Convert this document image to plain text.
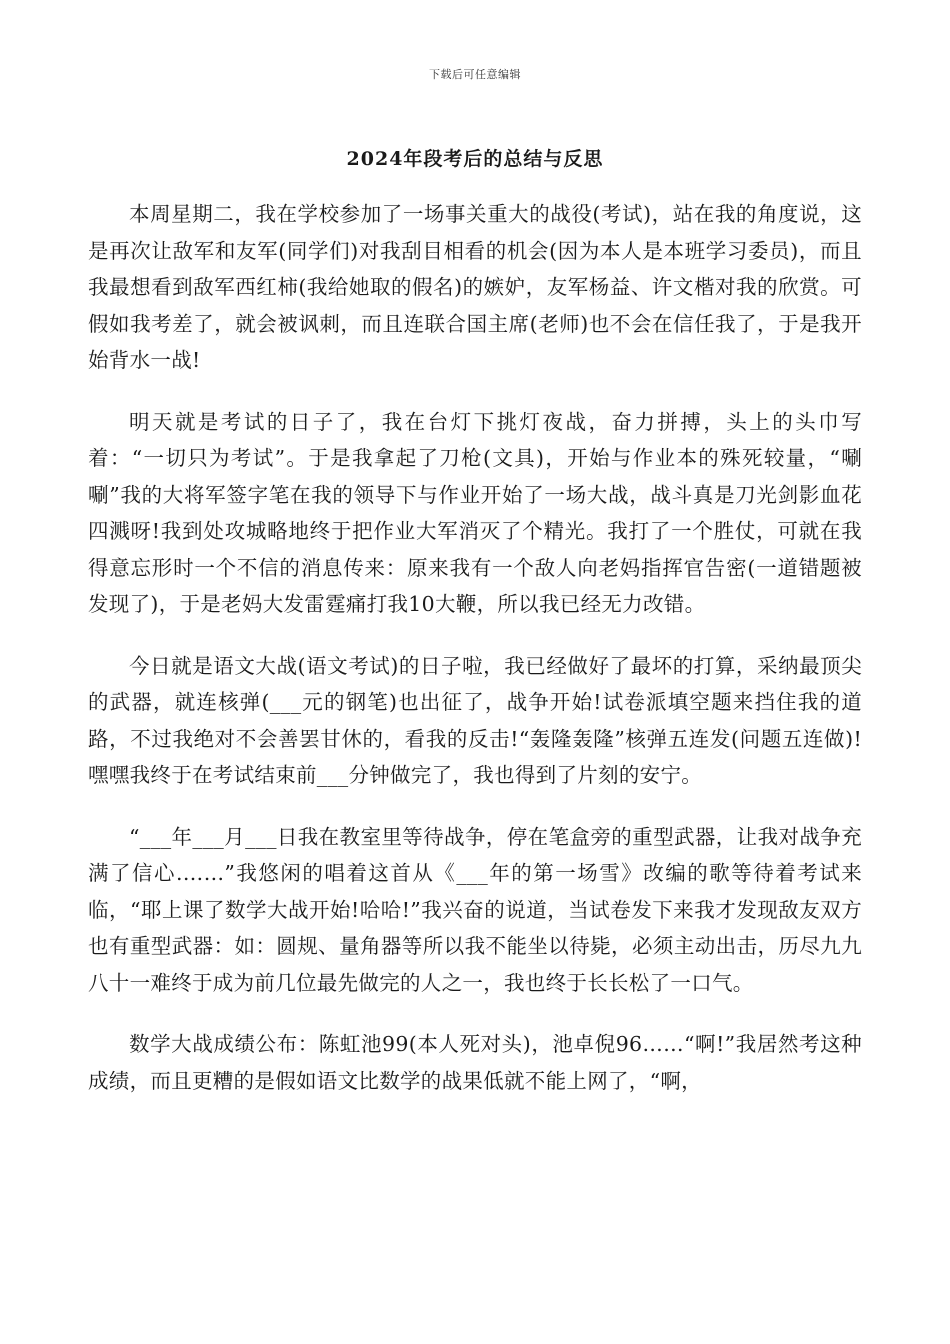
下载后可任意编辑
2024年段考后的总结与反思

本周星期二，我在学校参加了一场事关重大的战役(考试)，站在我的角度说，这是再次让敌军和友军(同学们)对我刮目相看的机会(因为本人是本班学习委员)，而且我最想看到敌军西红柿(我给她取的假名)的嫉妒，友军杨益、许文楷对我的欣赏。可假如我考差了，就会被讽刺，而且连联合国主席(老师)也不会在信任我了，于是我开始背水一战!

明天就是考试的日子了，我在台灯下挑灯夜战，奋力拼搏，头上的头巾写着：“一切只为考试”。于是我拿起了刀枪(文具)，开始与作业本的殊死较量，“唰唰”我的大将军签字笔在我的领导下与作业开始了一场大战，战斗真是刀光剑影血花四溅呀!我到处攻城略地终于把作业大军消灭了个精光。我打了一个胜仗，可就在我得意忘形时一个不信的消息传来：原来我有一个敌人向老妈指挥官告密(一道错题被发现了)，于是老妈大发雷霆痛打我10大鞭，所以我已经无力改错。

今日就是语文大战(语文考试)的日子啦，我已经做好了最坏的打算，采纳最顶尖的武器，就连核弹(___元的钢笔)也出征了，战争开始!试卷派填空题来挡住我的道路，不过我绝对不会善罢甘休的，看我的反击!“轰隆轰隆”核弹五连发(问题五连做)!嘿嘿我终于在考试结束前___分钟做完了，我也得到了片刻的安宁。

“___年___月___日我在教室里等待战争，停在笔盒旁的重型武器，让我对战争充满了信心.……”我悠闲的唱着这首从《___年的第一场雪》改编的歌等待着考试来临，“耶上课了数学大战开始!哈哈!”我兴奋的说道，当试卷发下来我才发现敌友双方也有重型武器：如：圆规、量角器等所以我不能坐以待毙，必须主动出击，历尽九九八十一难终于成为前几位最先做完的人之一，我也终于长长松了一口气。

数学大战成绩公布：陈虹池99(本人死对头)，池卓倪96……“啊!”我居然考这种成绩，而且更糟的是假如语文比数学的战果低就不能上网了，“啊，
